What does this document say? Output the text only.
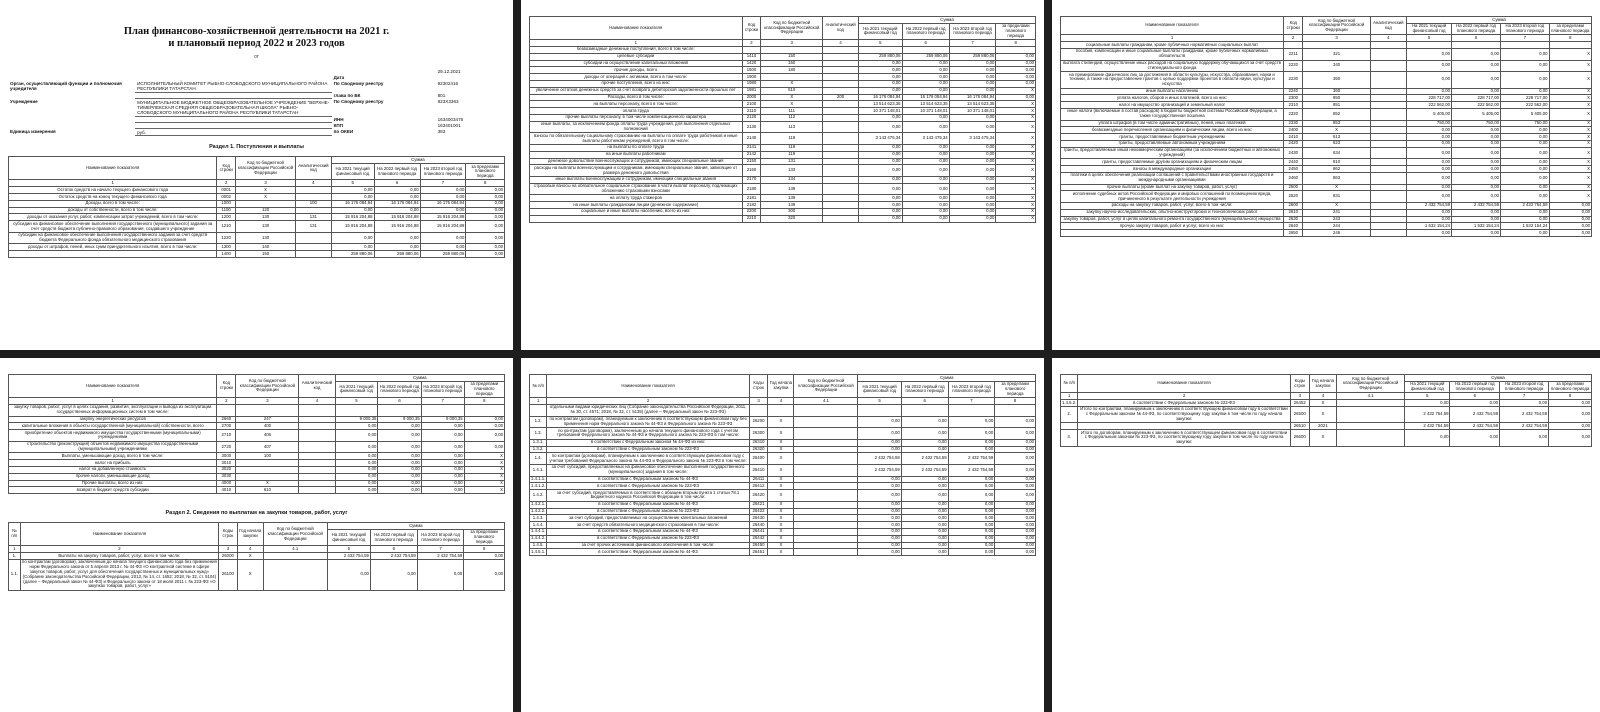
План финансово-хозяйственной деятельности на 2021 г.
и плановый период 2022 и 2023 годов
от
			29.12.2021
		Дата	
Орган, осуществляющий функции и полномочия учредителя	ИСПОЛНИТЕЛЬНЫЙ КОМИТЕТ РЫБНО-СЛОБОДСКОГО МУНИЦИПАЛЬНОГО РАЙОНА РЕСПУБЛИКИ ТАТАРСТАН	По Сводному реестру	92302416
		глава по БК	801
Учреждение	МУНИЦИПАЛЬНОЕ БЮДЖЕТНОЕ ОБЩЕОБРАЗОВАТЕЛЬНОЕ УЧРЕЖДЕНИЕ "ВЕРХНЕ-ТИМЕРЛЕКСКАЯ СРЕДНЯЯ ОБЩЕОБРАЗОВАТЕЛЬНАЯ ШКОЛА" РЫБНО-СЛОБОДСКОГО МУНИЦИПАЛЬНОГО РАЙОНА РЕСПУБЛИКИ ТАТАРСТАН	По Сводному реестру	923X3363
		ИНН	1634003476
		КПП	163401001
Единица измерения	руб.	по ОКЕИ	383
Раздел 1. Поступления и выплаты
Наименование показателя	Код строки	Код по бюджетной классификации Российской Федерации	Аналитический код	Сумма			
				На 2021 текущий финансовый год	На 2022 первый год планового периода	На 2023 второй год планового периода	за пределами планового периода
1	2	3	4	5	6	7	8
Остаток средств на начало текущего финансового года	0001	X		0,00	0,00	0,00	0,00
Остаток средств на конец текущего финансового года	0002	X		0,00	0,00	0,00	0,00
Доходы, всего в том числе:	1000		100	16 176 084,94	16 176 084,94	16 176 084,94	0,00
доходы от собственности, всего в том числе:	1100	120		0,00	0,00	0,00	0,00
доходы от оказания услуг, работ, компенсации затрат учреждений, всего в том числе:	1200	130	131	15 916 204,88	15 916 204,88	15 916 204,88	0,00
субсидии на финансовое обеспечение выполнения государственного (муниципального) задания за счет средств бюджета публично-правового образования, создавшего учреждение	1210	130	131	15 916 204,88	15 916 204,88	15 916 204,88	0,00
субсидии на финансовое обеспечение выполнения государственного задания за счет средств бюджета Федерального фонда обязательного медицинского страхования	1220	130		0,00	0,00	0,00	0,00
доходы от штрафов, пеней, иных сумм принудительного изъятия, всего в том числе:	1300	140		0,00	0,00	0,00	0,00
	1400	150		259 880,06	259 880,06	259 880,06	0,00
Наименование показателя	Код строки	Код по бюджетной классификации Российской Федерации	Аналитический код	Сумма			
				На 2021 текущий финансовый год	На 2022 первый год планового периода	На 2023 второй год планового периода	за пределами планового периода
1	2	3	4	5	6	7	8
безвозмездные денежные поступления, всего в том числе:							
целевые субсидии	1410	150		259 880,06	259 880,06	259 880,06	0,00
субсидии на осуществление капитальных вложений	1420	150		0,00	0,00	0,00	0,00
прочие доходы, всего	1500	180		0,00	0,00	0,00	0,00
доходы от операций с активами, всего в том числе:	1900			0,00	0,00	0,00	0,00
прочие поступления, всего из них:	1980	X		0,00	0,00	0,00	0,00
увеличение остатков денежных средств за счет возврата дебиторской задолженности прошлых лет	1981	510		0,00	0,00	0,00	X
Расходы, всего в том числе:	2000	X	200	16 176 084,94	16 176 084,94	16 176 084,94	0,00
на выплаты персоналу, всего в том числе:	2100	X		13 514 623,35	13 514 623,35	13 514 623,35	X
оплата труда	2110	111		10 371 148,01	10 371 148,01	10 371 148,01	X
прочие выплаты персоналу, в том числе компенсационного характера	2120	112		0,00	0,00	0,00	X
иные выплаты, за исключением фонда оплаты труда учреждения, для выполнения отдельных полномочий	2130	113		0,00	0,00	0,00	X
взносы по обязательному социальному страхованию на выплаты по оплате труда работников и иные выплаты работникам учреждений, всего в том числе:	2140	119		3 143 475,34	3 143 475,34	3 143 475,34	X
на выплаты по оплате труда	2141	119		0,00	0,00	0,00	X
на иные выплаты работникам	2142	119		0,00	0,00	0,00	X
денежное довольствие военнослужащих и сотрудников, имеющих специальные звания	2150	131		0,00	0,00	0,00	X
расходы на выплаты военнослужащим и сотрудникам, имеющим специальные звания, зависящие от размера денежного довольствия	2160	133		0,00	0,00	0,00	X
иные выплаты военнослужащим и сотрудникам, имеющим специальные звания	2170	134		0,00	0,00	0,00	X
страховые взносы на обязательное социальное страхование в части выплат персоналу, подлежащих обложению страховыми взносами	2180	139		0,00	0,00	0,00	X
на оплату труда стажеров	2181	139		0,00	0,00	0,00	X
на иные выплаты гражданским лицам (денежное содержание)	2182	139		0,00	0,00	0,00	X
социальные и иные выплаты населению, всего из них:	2200	300		0,00	0,00	0,00	X
	2210	320		0,00	0,00	0,00	X
Наименование показателя	Код строки	Код по бюджетной классификации Российской Федерации	Аналитический код	Сумма			
				На 2021 текущий финансовый год	На 2022 первый год планового периода	На 2023 второй год планового периода	за пределами планового периода
1	2	3	4	5	6	7	8
социальные выплаты гражданам, кроме публичных нормативных социальных выплат							
пособия, компенсации и иные социальные выплаты гражданам, кроме публичных нормативных обязательств	2211	321		0,00	0,00	0,00	X
выплата стипендий, осуществление иных расходов на социальную поддержку обучающихся за счет средств стипендиального фонда	2220	340		0,00	0,00	0,00	X
на премирование физических лиц за достижения в области культуры, искусства, образования, науки и техники, а также на предоставление грантов с целью поддержки проектов в области науки, культуры и искусства	2230	350		0,00	0,00	0,00	X
иные выплаты населению	2240	360		0,00	0,00	0,00	X
уплата налогов, сборов и иных платежей, всего из них:	2300	850		228 717,00	228 717,00	228 717,00	X
налог на имущество организаций и земельный налог	2310	851		222 562,00	222 562,00	222 562,00	X
иные налоги (включаемые в состав расходов) в бюджеты бюджетной системы Российской Федерации, а также государственная пошлина	2320	852		5 405,00	5 405,00	5 405,00	X
уплата штрафов (в том числе административных), пеней, иных платежей	2330	853		750,00	750,00	750,00	X
безвозмездные перечисления организациям и физическим лицам, всего из них:	2400	X		0,00	0,00	0,00	X
гранты, предоставляемые бюджетным учреждениям	2410	613		0,00	0,00	0,00	X
гранты, предоставляемые автономным учреждениям	2420	623		0,00	0,00	0,00	X
гранты, предоставляемые иным некоммерческим организациям (за исключением бюджетных и автономных учреждений)	2430	634		0,00	0,00	0,00	X
гранты, предоставляемые другим организациям и физическим лицам	2440	810		0,00	0,00	0,00	X
взносы в международные организации	2450	862		0,00	0,00	0,00	X
платежи в целях обеспечения реализации соглашений с правительствами иностранных государств и международными организациями	2460	863		0,00	0,00	0,00	X
прочие выплаты (кроме выплат на закупку товаров, работ, услуг)	2500	X		0,00	0,00	0,00	X
исполнение судебных актов Российской Федерации и мировых соглашений по возмещению вреда, причиненного в результате деятельности учреждения	2520	831		0,00	0,00	0,00	X
расходы на закупку товаров, работ, услуг, всего в том числе:	2600	X		2 432 754,59	2 432 754,59	2 432 754,59	0,00
закупку научно-исследовательских, опытно-конструкторских и технологических работ	2610	241		0,00	0,00	0,00	0,00
закупку товаров, работ, услуг в целях капитального ремонта государственного (муниципального) имущества	2630	243		0,00	0,00	0,00	0,00
прочую закупку товаров, работ и услуг, всего из них:	2640	244		1 532 154,24	1 532 154,24	1 532 154,24	0,00
	2650	246		0,00	0,00	0,00	0,00
Наименование показателя	Код строки	Код по бюджетной классификации Российской Федерации	Аналитический код	Сумма			
				На 2021 текущий финансовый год	На 2022 первый год планового периода	На 2023 второй год планового периода	за пределами планового периода
1	2	3	4	5	6	7	8
закупку товаров, работ, услуг в целях создания, развития, эксплуатации и вывода из эксплуатации государственных информационных систем в том числе:							
закупку энергетических ресурсов	2660	247		9 000,35	9 000,35	9 000,35	0,00
капитальные вложения в объекты государственной (муниципальной) собственности, всего	2700	400		0,00	0,00	0,00	0,00
приобретение объектов недвижимого имущества государственными (муниципальными) учреждениями	2710	406		0,00	0,00	0,00	0,00
строительство (реконструкция) объектов недвижимого имущества государственными (муниципальными) учреждениями	2720	407		0,00	0,00	0,00	0,00
Выплаты, уменьшающие доход, всего в том числе:	3000	100		0,00	0,00	0,00	X
налог на прибыль	3010			0,00	0,00	0,00	X
налог на добавленную стоимость	3020			0,00	0,00	0,00	X
прочие налоги, уменьшающие доход	3030			0,00	0,00	0,00	X
Прочие выплаты, всего из них:	4000	X		0,00	0,00	0,00	X
возврат в бюджет средств субсидии	4010	610		0,00	0,00	0,00	X
Раздел 2. Сведения по выплатам на закупки товаров, работ, услуг
№ п/п	Наименование показателя	Коды строк	Год начала закупки	Код по бюджетной классификации Российской Федерации	Сумма			
					На 2021 текущий финансовый год	На 2022 первый год планового периода	На 2023 второй год планового периода	за пределами планового периода
1	2	3	4	4.1	5	6	7	8
1.	Выплаты на закупку товаров, работ, услуг, всего в том числе:	26000	X		2 432 754,59	2 432 754,59	2 432 754,59	0,00
1.1.	по контрактам (договорам), заключенным до начала текущего финансового года без применения норм Федерального закона от 5 апреля 2013 г. № 44-ФЗ «О контрактной системе в сфере закупок товаров, работ, услуг для обеспечения государственных и муниципальных нужд» (Собрание законодательства Российской Федерации, 2013, № 14, ст. 1652; 2018, № 32, ст. 5104) (далее – Федеральный закон № 44-ФЗ) и Федерального закона от 18 июля 2011 г. № 223-ФЗ «О закупках товаров, работ, услуг»	26100	X		0,00	0,00	0,00	0,00
№ п/п	Наименование показателя	Коды строк	Год начала закупки	Код по бюджетной классификации Российской Федерации	Сумма			
					На 2021 текущий финансовый год	На 2022 первый год планового периода	На 2023 второй год планового периода	за пределами планового периода
1	2	3	4	4.1	5	6	7	8
	отдельными видами юридических лиц (Собрание законодательства Российской Федерации, 2011, № 30, ст. 4571; 2018, № 32, ст. 5135) (далее – Федеральный закон № 223-ФЗ)							
1.2.	по контрактам (договорам), планируемым к заключению в соответствующем финансовом году без применения норм Федерального закона № 44-ФЗ и Федерального закона № 223-ФЗ	26200	X		0,00	0,00	0,00	0,00
1.3.	по контрактам (договорам), заключенным до начала текущего финансового года с учетом требований Федерального закона № 44-ФЗ и Федерального закона № 223-ФЗ в том числе:	26300	X		0,00	0,00	0,00	0,00
1.3.1.	в соответствии с Федеральным законом № 44-ФЗ из них:	26310	X		0,00	0,00	0,00	0,00
1.3.2.	в соответствии с Федеральным законом № 223-ФЗ	26320	X		0,00	0,00	0,00	0,00
1.4.	по контрактам (договорам), планируемым к заключению в соответствующем финансовом году с учетом требований Федерального закона № 44-ФЗ и Федерального закона № 223-ФЗ в том числе:	26400	X		2 432 754,59	2 432 754,59	2 432 754,59	0,00
1.4.1.	за счет субсидий, предоставляемых на финансовое обеспечение выполнения государственного (муниципального) задания в том числе:	26410	X		2 432 754,59	2 432 754,59	2 432 754,59	0,00
1.4.1.1.	в соответствии с Федеральным законом № 44-ФЗ	26411	X		0,00	0,00	0,00	0,00
1.4.1.2.	в соответствии с Федеральным законом № 223-ФЗ	26412	X		0,00	0,00	0,00	0,00
1.4.2.	за счет субсидий, предоставляемых в соответствии с абзацем вторым пункта 1 статьи 78.1 Бюджетного кодекса Российской Федерации в том числе:	26420	X		0,00	0,00	0,00	0,00
1.4.2.1.	в соответствии с Федеральным законом № 44-ФЗ	26421	X		0,00	0,00	0,00	0,00
1.4.2.2.	в соответствии с Федеральным законом № 223-ФЗ	26422	X		0,00	0,00	0,00	0,00
1.4.3.	за счет субсидий, предоставляемых на осуществление капитальных вложений	26430	X		0,00	0,00	0,00	0,00
1.4.4.	за счет средств обязательного медицинского страхования в том числе:	26440	X		0,00	0,00	0,00	0,00
1.4.4.1.	в соответствии с Федеральным законом № 44-ФЗ	26441	X		0,00	0,00	0,00	0,00
1.4.4.2.	в соответствии с Федеральным законом № 223-ФЗ	26442	X		0,00	0,00	0,00	0,00
1.4.5.	за счет прочих источников финансового обеспечения в том числе:	26450	X		0,00	0,00	0,00	0,00
1.4.5.1.	в соответствии с Федеральным законом № 44-ФЗ	26451	X		0,00	0,00	0,00	0,00
№ п/п	Наименование показателя	Коды строк	Год начала закупки	Код по бюджетной классификации Российской Федерации	Сумма			
					На 2021 текущий финансовый год	На 2022 первый год планового периода	На 2023 второй год планового периода	за пределами планового периода
1	2	3	4	4.1	5	6	7	8
1.4.5.2.	в соответствии с Федеральным законом № 223-ФЗ	26452	X		0,00	0,00	0,00	0,00
2.	Итого по контрактам, планируемым к заключению в соответствующем финансовом году в соответствии с Федеральным законом № 44-ФЗ, по соответствующему году закупки в том числе по году начала закупки:	26500	X		2 432 754,59	2 432 754,59	2 432 754,59	0,00
		26510	2021		2 432 754,59	2 432 754,59	2 432 754,59	0,00
3.	Итого по договорам, планируемым к заключению в соответствующем финансовом году в соответствии с Федеральным законом № 223-ФЗ, по соответствующему году закупки в том числе по году начала закупки:	26600	X		0,00	0,00	0,00	0,00
